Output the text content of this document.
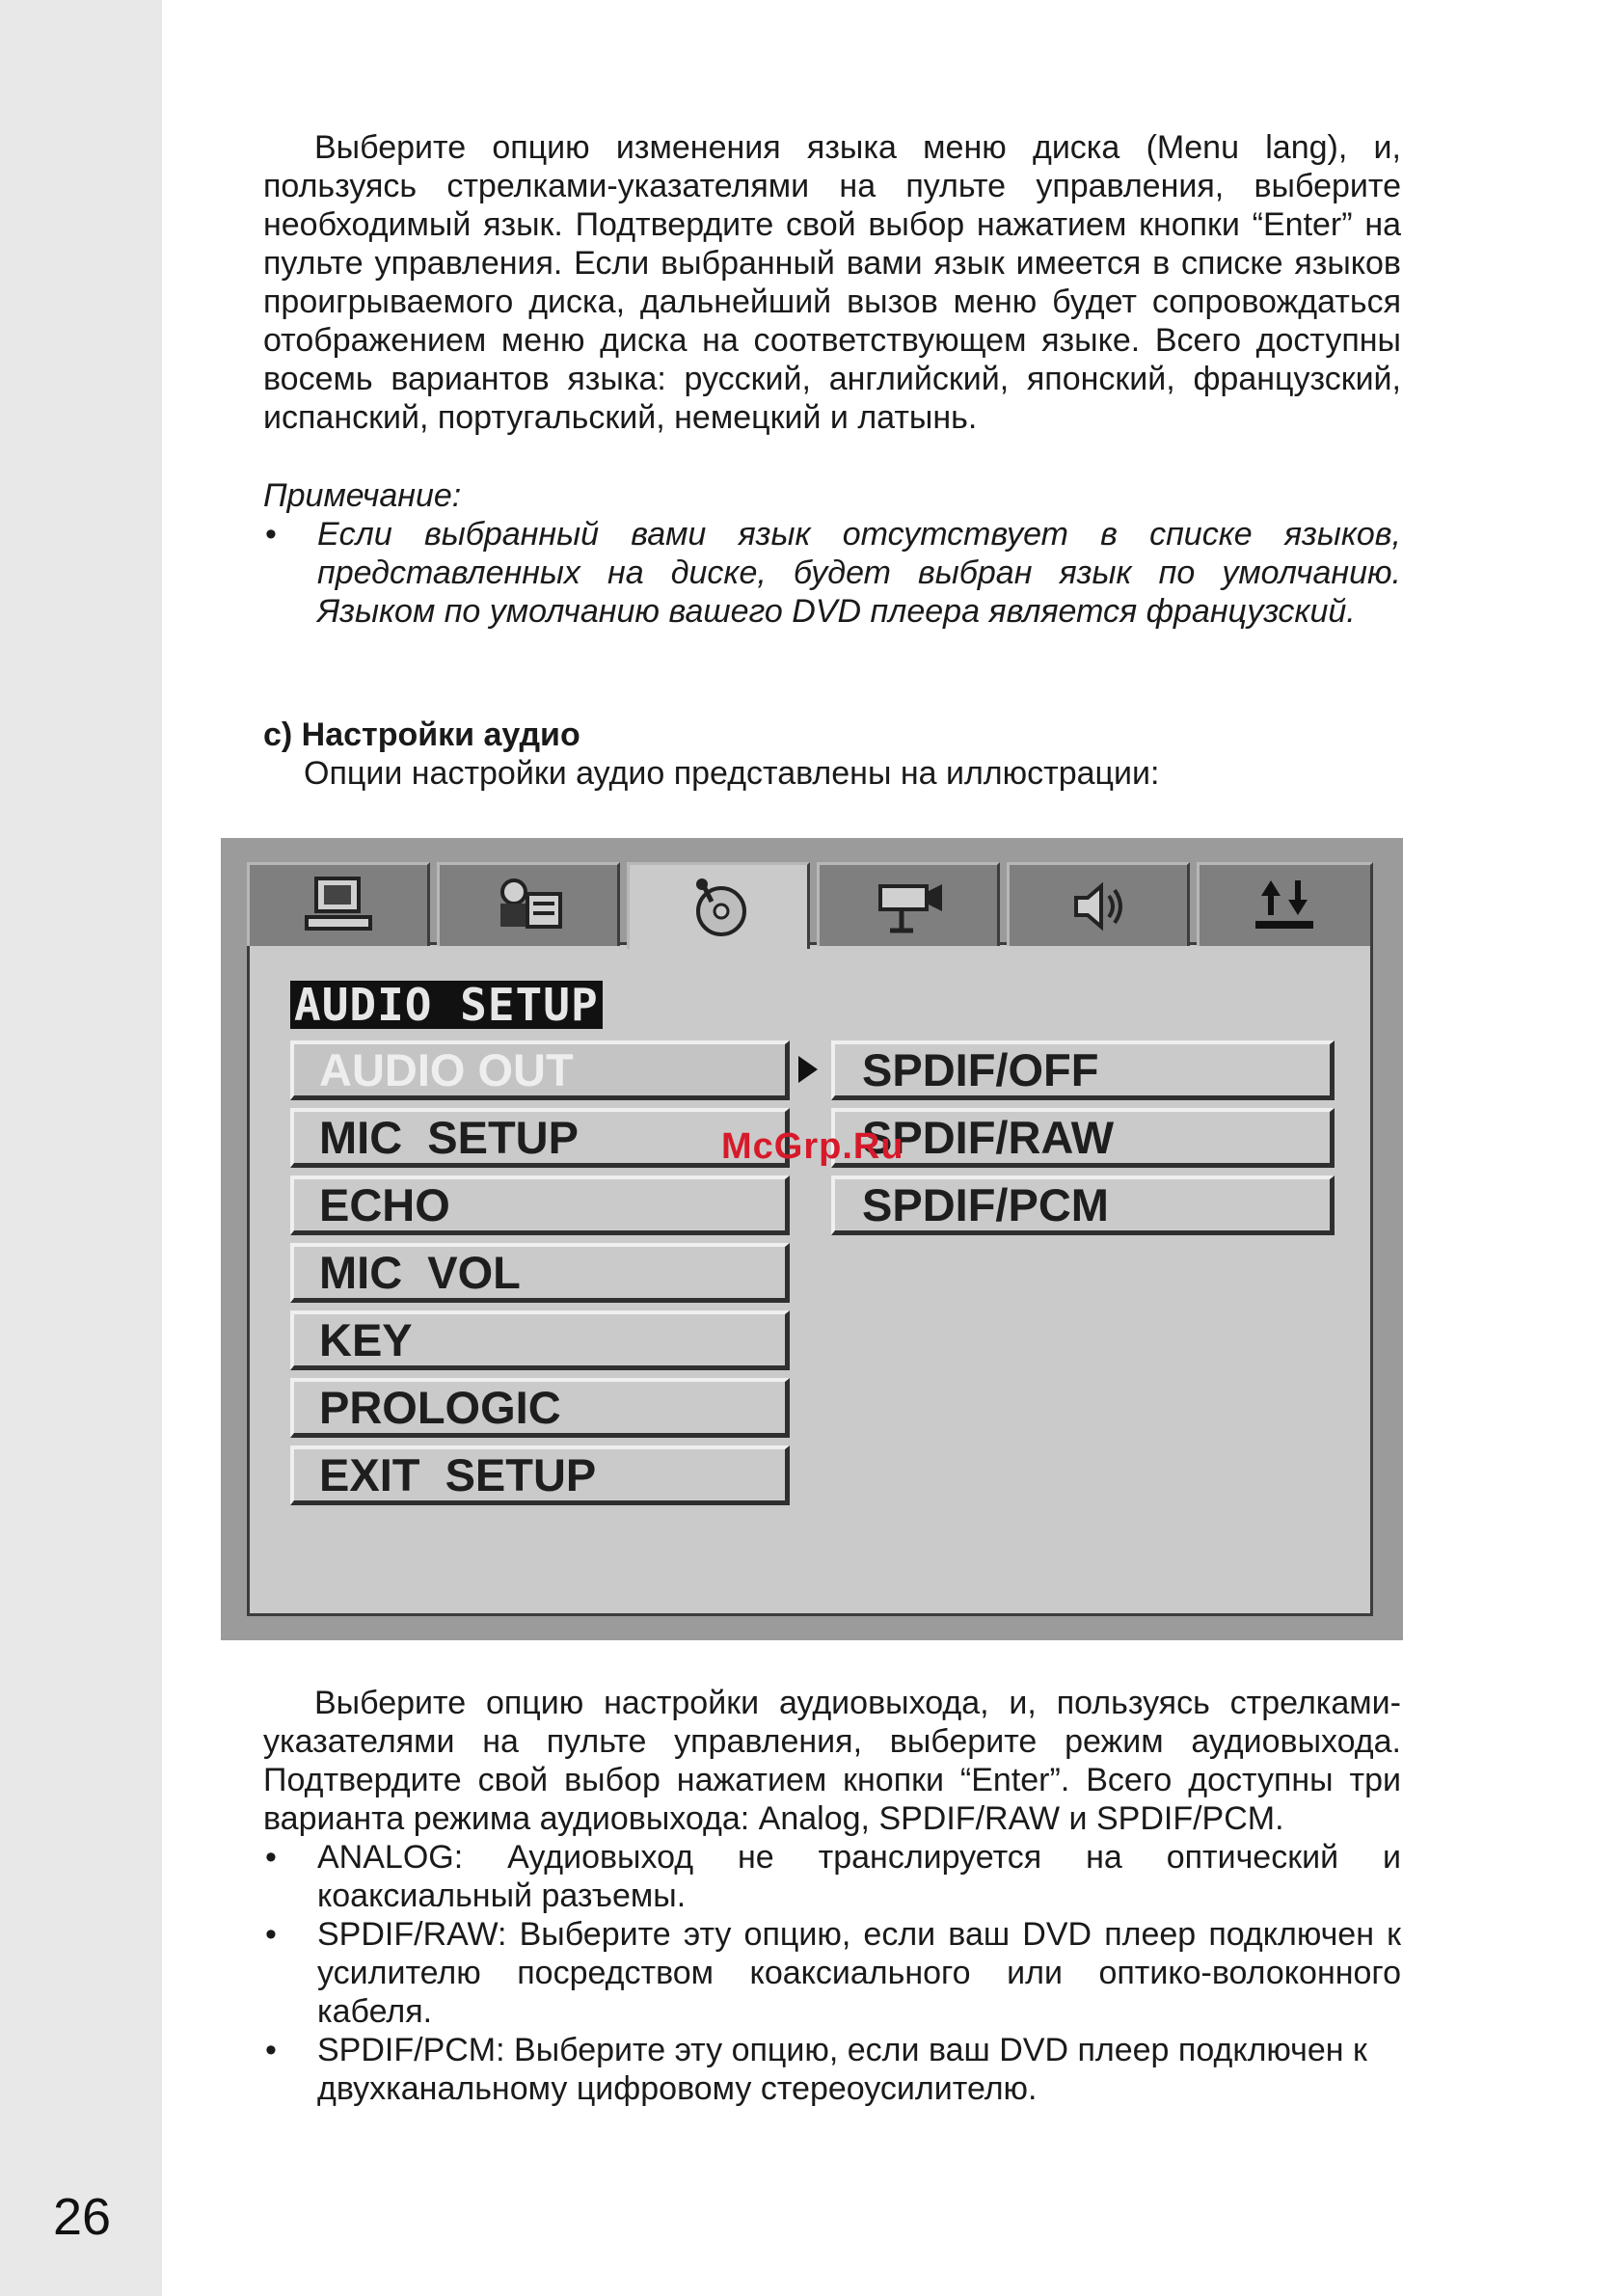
26

Выберите опцию изменения языка меню диска (Menu lang), и, пользуясь стрелками-указателями на пульте управления, выберите необходимый язык. Подтвердите свой выбор нажатием кнопки “Enter” на пульте управления. Если выбранный вами язык имеется в списке языков проигрываемого диска, дальнейший вызов меню будет сопровождаться отображением меню диска на соответствующем языке. Всего доступны восемь вариантов языка: русский, английский, японский, французский, испанский, португальский, немецкий и латынь.

Примечание:

•	Если выбранный вами язык отсутствует в списке языков, представленных на диске, будет выбран язык по умолчанию. Языком по умолчанию вашего DVD плеера является французский.

c) Настройки аудио

Опции настройки аудио представлены на иллюстрации:

AUDIO SETUP
AUDIO OUT
MIC  SETUP
ECHO
MIC  VOL
KEY
PROLOGIC
EXIT  SETUP
SPDIF/OFF
SPDIF/RAW
SPDIF/PCM
McGrp.Ru

Выберите опцию настройки аудиовыхода, и, пользуясь стрелками-указателями на пульте управления, выберите режим аудиовыхода. Подтвердите свой выбор нажатием кнопки “Enter”. Всего доступны три варианта режима аудиовыхода: Analog, SPDIF/RAW и SPDIF/PCM.

•	ANALOG: Аудиовыход не транслируется на оптический и коаксиальный разъемы.
•	SPDIF/RAW: Выберите эту опцию, если ваш DVD плеер подключен к усилителю посредством коаксиального или оптико-волоконного кабеля.
•	SPDIF/PCM: Выберите эту опцию, если ваш DVD плеер подключен к двухканальному цифровому стереоусилителю.
